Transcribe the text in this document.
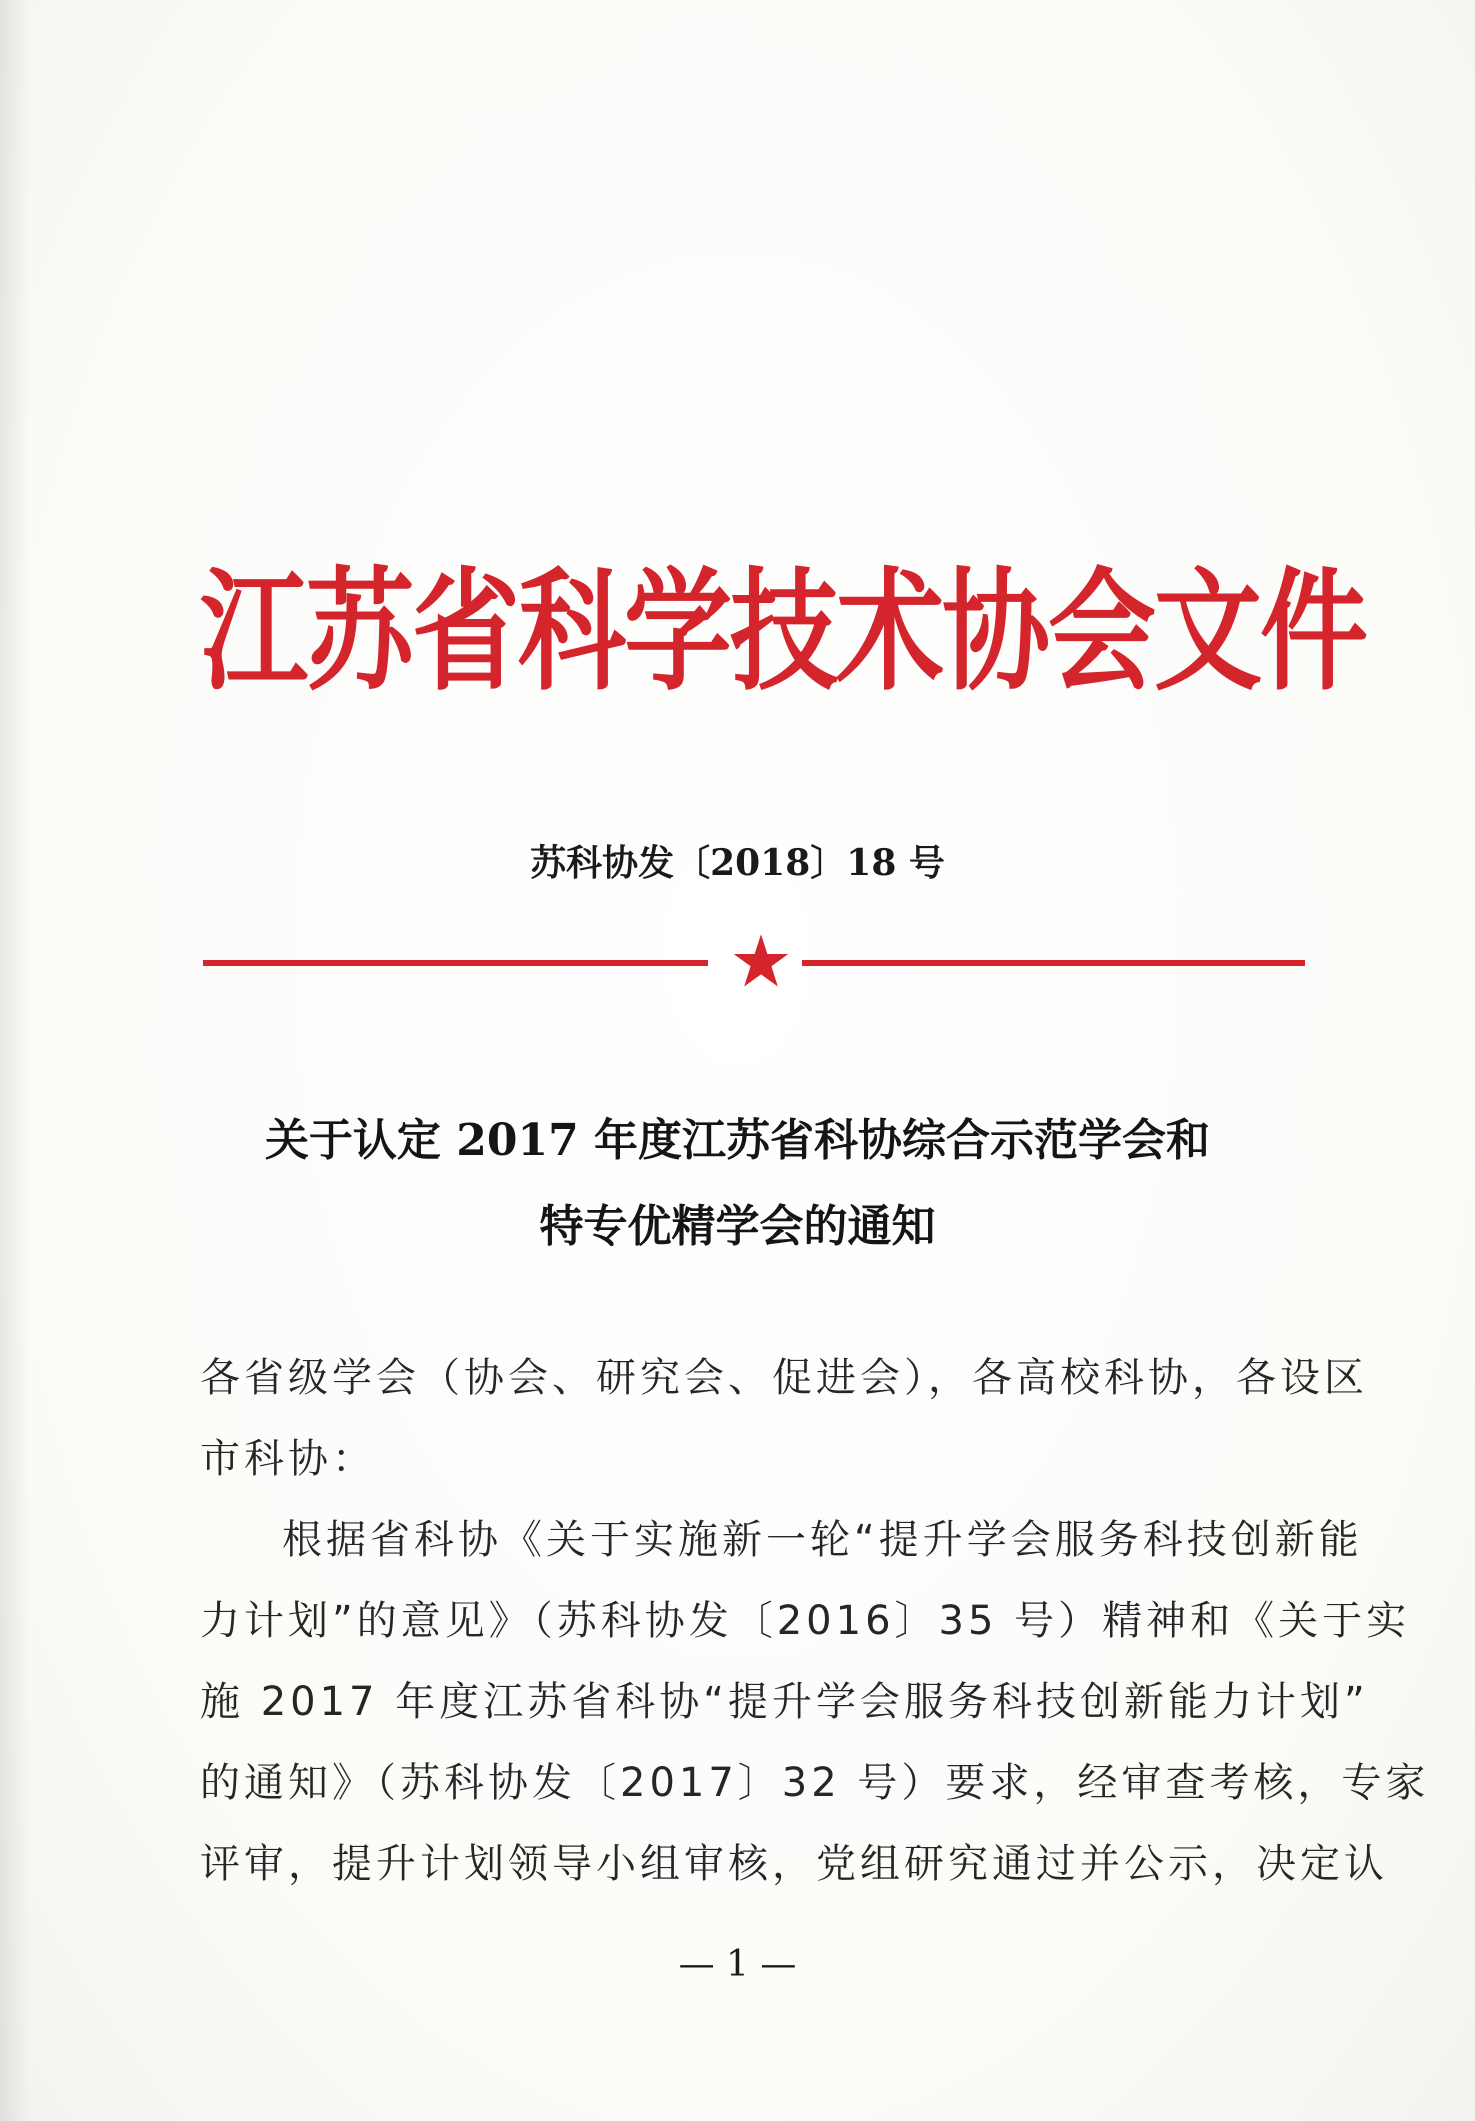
江苏省科学技术协会文件
苏科协发〔2018〕18 号
关于认定 2017 年度江苏省科协综合示范学会和
特专优精学会的通知
各省级学会（协会、研究会、促进会），各高校科协，各设区
市科协：
根据省科协《关于实施新一轮“提升学会服务科技创新能
力计划”的意见》（苏科协发〔2016〕35 号）精神和《关于实
施 2017 年度江苏省科协“提升学会服务科技创新能力计划”
的通知》（苏科协发〔2017〕32 号）要求，经审查考核，专家
评审，提升计划领导小组审核，党组研究通过并公示，决定认
— 1 —
